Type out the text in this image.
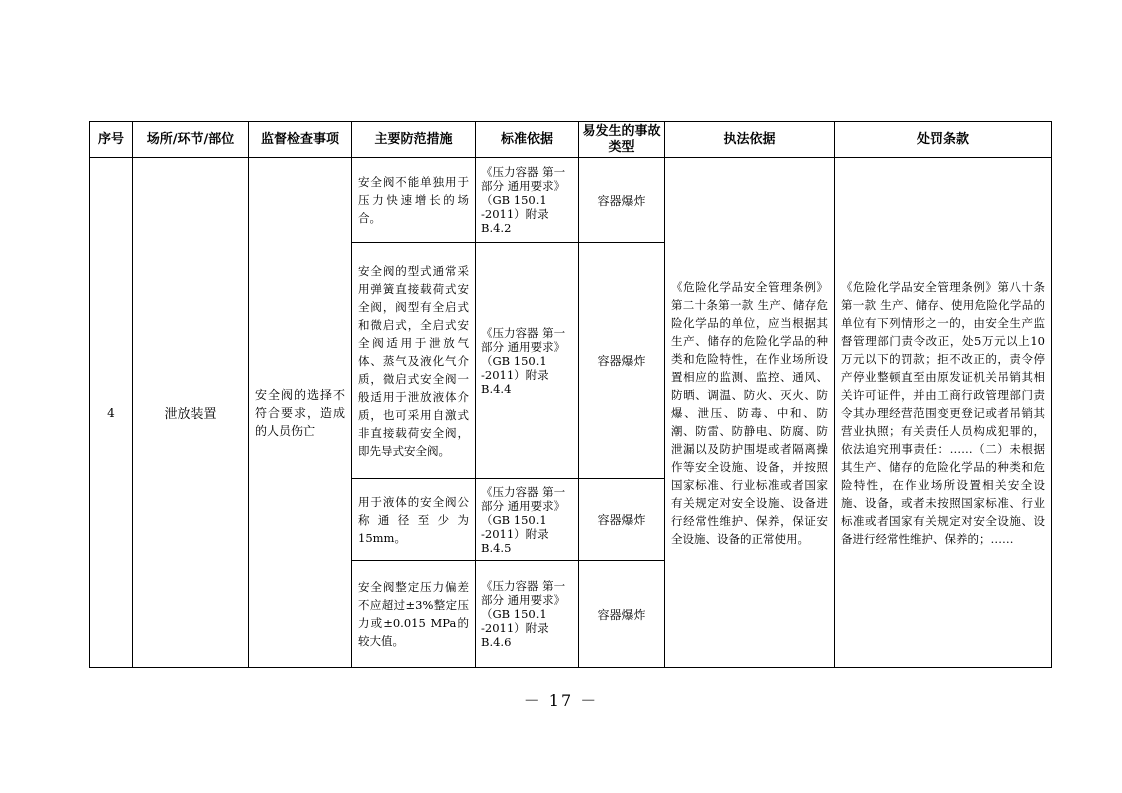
序号	场所/环节/部位	监督检查事项	主要防范措施	标准依据	易发生的事故类型	执法依据	处罚条款
4	泄放装置	安全阀的选择不符合要求，造成的人员伤亡	安全阀不能单独用于压力快速增长的场合。	《压力容器 第一部分 通用要求》（GB 150.1 -2011）附录B.4.2	容器爆炸	《危险化学品安全管理条例》第二十条第一款 生产、储存危险化学品的单位，应当根据其生产、储存的危险化学品的种类和危险特性，在作业场所设置相应的监测、监控、通风、防晒、调温、防火、灭火、防爆、泄压、防毒、中和、防潮、防雷、防静电、防腐、防泄漏以及防护围堤或者隔离操作等安全设施、设备，并按照国家标准、行业标准或者国家有关规定对安全设施、设备进行经常性维护、保养，保证安全设施、设备的正常使用。	《危险化学品安全管理条例》第八十条第一款 生产、储存、使用危险化学品的单位有下列情形之一的，由安全生产监督管理部门责令改正，处5万元以上10万元以下的罚款；拒不改正的，责令停产停业整顿直至由原发证机关吊销其相关许可证件，并由工商行政管理部门责令其办理经营范围变更登记或者吊销其营业执照；有关责任人员构成犯罪的，依法追究刑事责任：……（二）未根据其生产、储存的危险化学品的种类和危险特性，在作业场所设置相关安全设施、设备，或者未按照国家标准、行业标准或者国家有关规定对安全设施、设备进行经常性维护、保养的；……
			安全阀的型式通常采用弹簧直接载荷式安全阀，阀型有全启式和微启式，全启式安全阀适用于泄放气体、蒸气及液化气介质，微启式安全阀一般适用于泄放液体介质，也可采用自激式非直接载荷安全阀，即先导式安全阀。	《压力容器 第一部分 通用要求》（GB 150.1 -2011）附录B.4.4	容器爆炸		
			用于液体的安全阀公称通径至少为15mm。	《压力容器 第一部分 通用要求》（GB 150.1 -2011）附录B.4.5	容器爆炸		
			安全阀整定压力偏差不应超过±3%整定压力或±0.015 MPa的较大值。	《压力容器 第一部分 通用要求》（GB 150.1 -2011）附录B.4.6	容器爆炸		
－ 17 －
